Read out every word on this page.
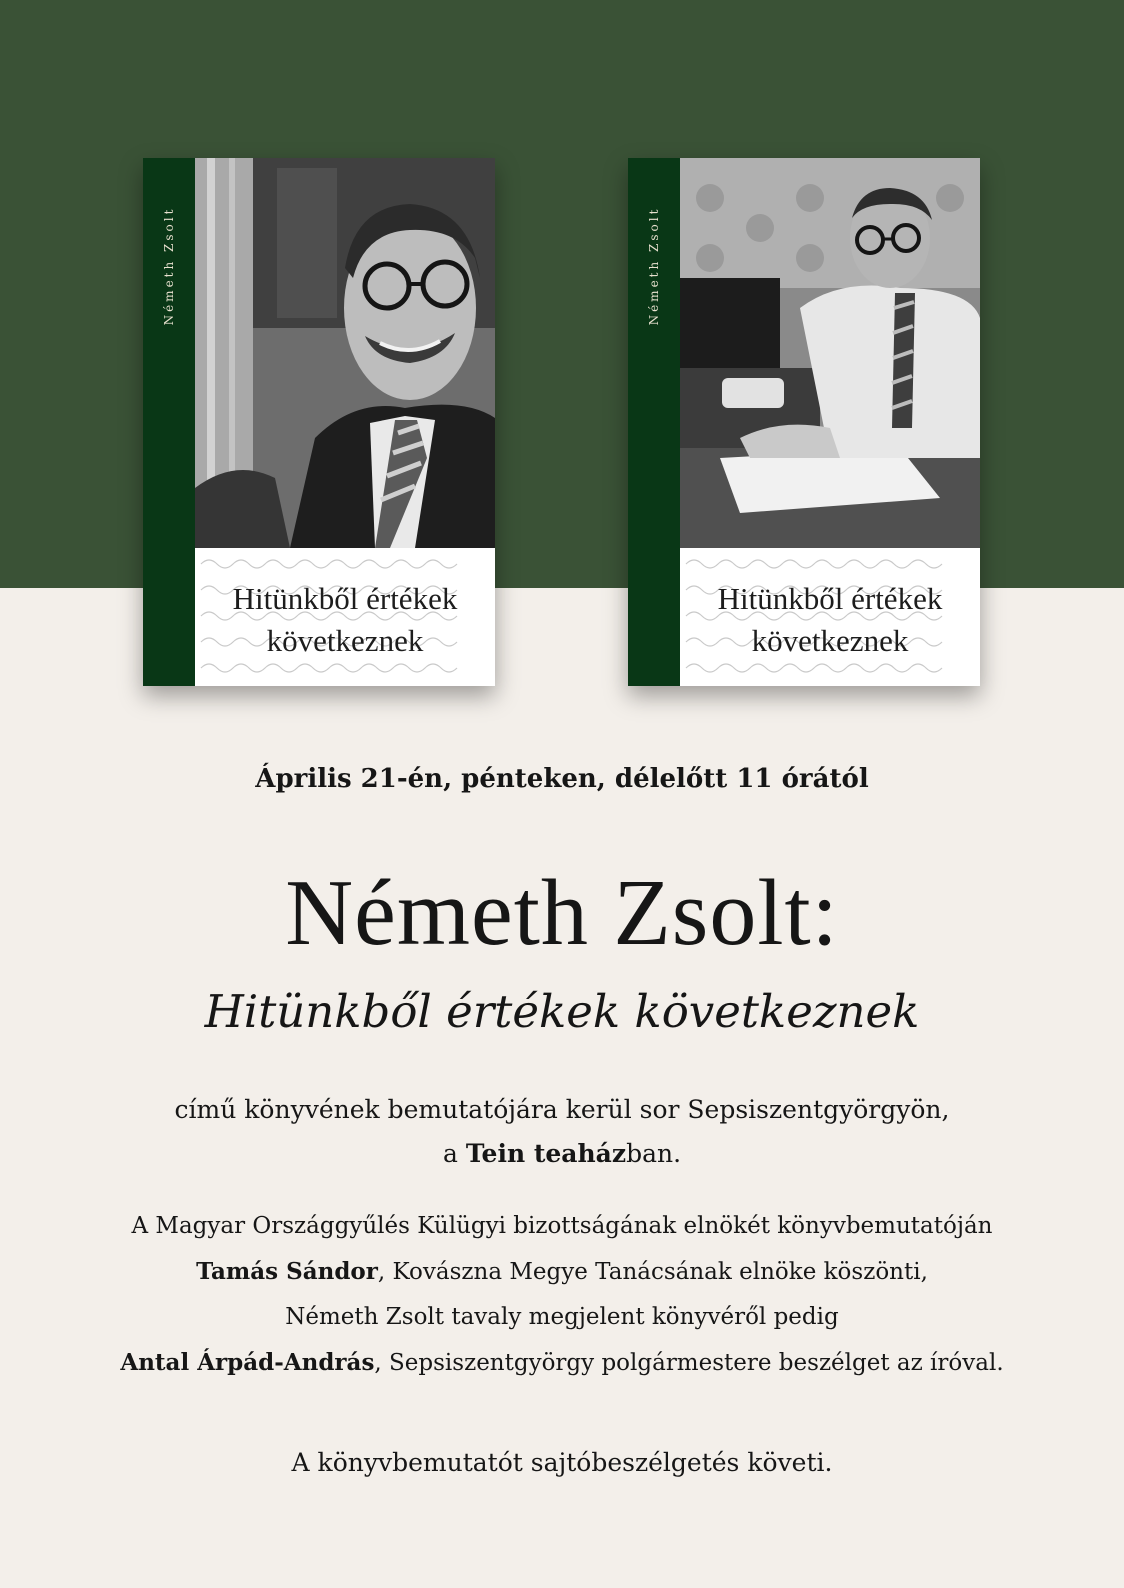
Németh Zsolt
Hitünkből értékek
következnek
Németh Zsolt
Hitünkből értékek
következnek
Április 21-én, pénteken, délelőtt 11 órától
Németh Zsolt:
Hitünkből értékek következnek
című könyvének bemutatójára kerül sor Sepsiszentgyörgyön,
a Tein teaházban.
A Magyar Országgyűlés Külügyi bizottságának elnökét könyvbemutatóján
Tamás Sándor, Kovászna Megye Tanácsának elnöke köszönti,
Németh Zsolt tavaly megjelent könyvéről pedig
Antal Árpád-András, Sepsiszentgyörgy polgármestere beszélget az íróval.
A könyvbemutatót sajtóbeszélgetés követi.
